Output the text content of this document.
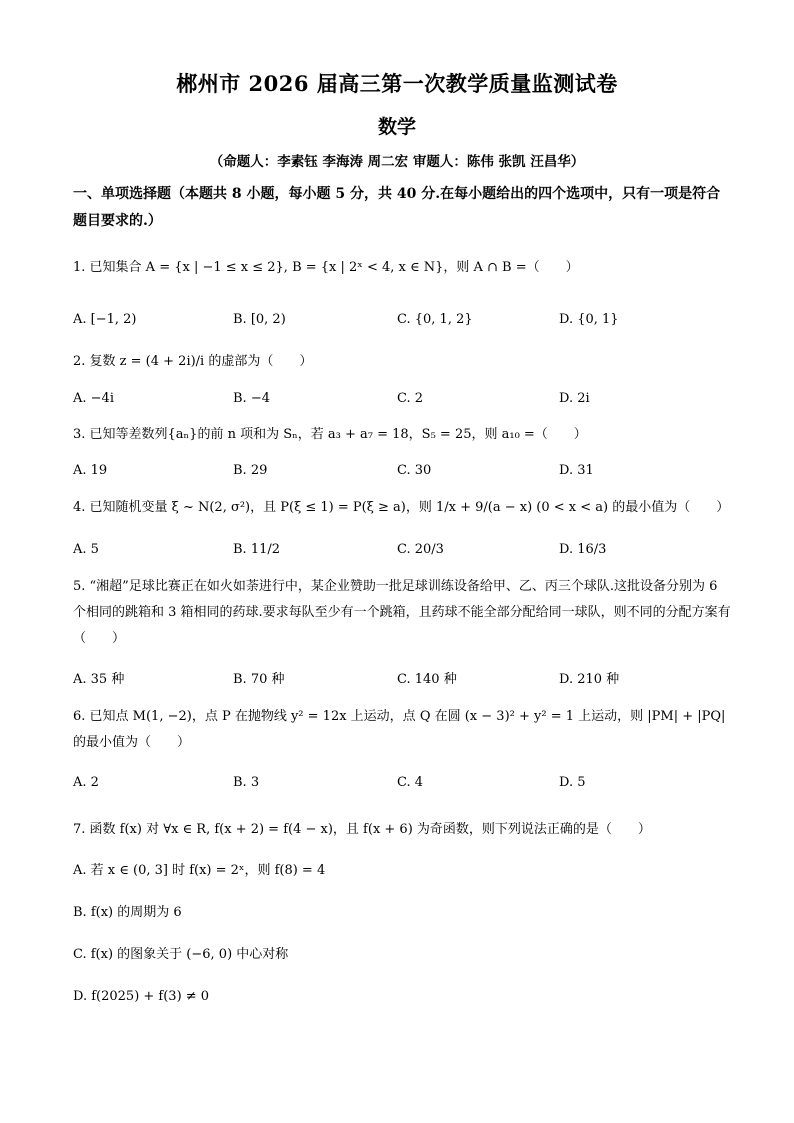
郴州市 2026 届高三第一次教学质量监测试卷
数学
（命题人：李素钰 李海涛 周二宏 审题人：陈伟 张凯 汪昌华）
一、单项选择题（本题共 8 小题，每小题 5 分，共 40 分.在每小题给出的四个选项中，只有一项是符合题目要求的.）
1. 已知集合 A = {x | −1 ≤ x ≤ 2}, B = {x | 2ˣ < 4, x ∈ N}，则 A ∩ B =（　　）
A. [−1, 2)	B. [0, 2)	C. {0, 1, 2}	D. {0, 1}
2. 复数 z = (4 + 2i)/i 的虚部为（　　）
A. −4i	B. −4	C. 2	D. 2i
3. 已知等差数列{aₙ}的前 n 项和为 Sₙ，若 a₃ + a₇ = 18，S₅ = 25，则 a₁₀ =（　　）
A. 19	B. 29	C. 30	D. 31
4. 已知随机变量 ξ ~ N(2, σ²)，且 P(ξ ≤ 1) = P(ξ ≥ a)，则 1/x + 9/(a − x) (0 < x < a) 的最小值为（　　）
A. 5	B. 11/2	C. 20/3	D. 16/3
5. “湘超”足球比赛正在如火如荼进行中，某企业赞助一批足球训练设备给甲、乙、丙三个球队.这批设备分别为 6 个相同的跳箱和 3 箱相同的药球.要求每队至少有一个跳箱，且药球不能全部分配给同一球队，则不同的分配方案有（　　）
A. 35 种	B. 70 种	C. 140 种	D. 210 种
6. 已知点 M(1, −2)，点 P 在抛物线 y² = 12x 上运动，点 Q 在圆 (x − 3)² + y² = 1 上运动，则 |PM| + |PQ| 的最小值为（　　）
A. 2	B. 3	C. 4	D. 5
7. 函数 f(x) 对 ∀x ∈ R, f(x + 2) = f(4 − x)，且 f(x + 6) 为奇函数，则下列说法正确的是（　　）
A. 若 x ∈ (0, 3] 时 f(x) = 2ˣ，则 f(8) = 4
B. f(x) 的周期为 6
C. f(x) 的图象关于 (−6, 0) 中心对称
D. f(2025) + f(3) ≠ 0
